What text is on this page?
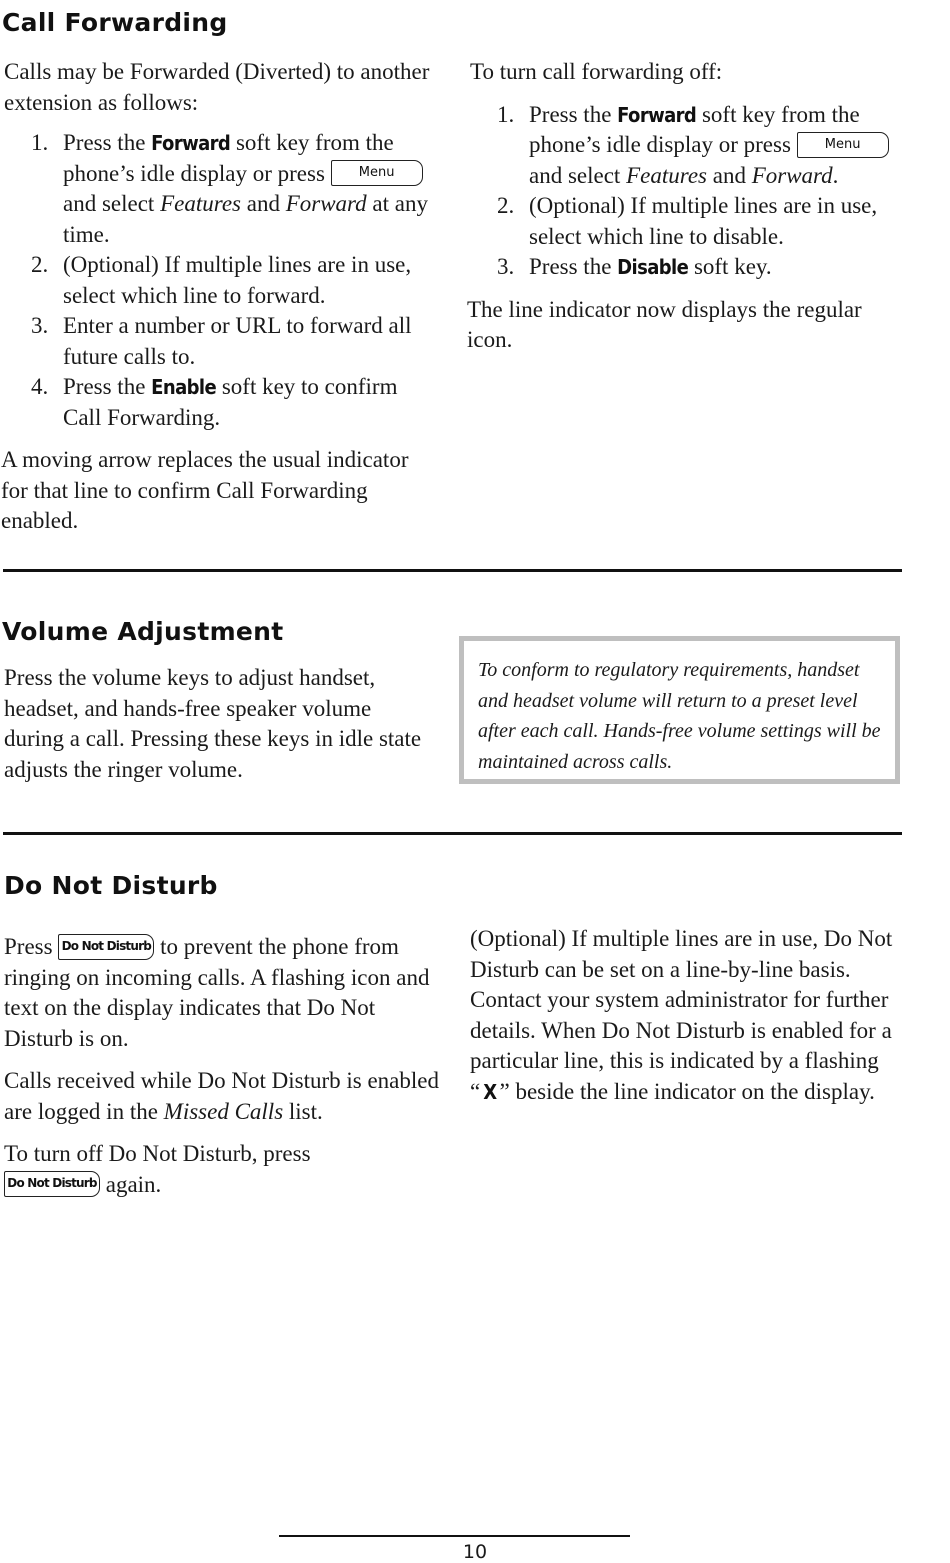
Call Forwarding

Calls may be Forwarded (Diverted) to another extension as follows:

1. Press the Forward soft key from the phone’s idle display or press	Menu and select Features and Forward at any time.
2. (Optional) If multiple lines are in use, select which line to forward.
3. Enter a number or URL to forward all future calls to.
4. Press the Enable soft key to confirm Call Forwarding.

A moving arrow replaces the usual indicator for that line to confirm Call Forwarding enabled.

To turn call forwarding off:

1. Press the Forward soft key from the phone’s idle display or press	Menu and select Features and Forward.
2. (Optional) If multiple lines are in use, select which line to disable.
3. Press the Disable soft key.

The line indicator now displays the regular icon.

Volume Adjustment

Press the volume keys to adjust handset, headset, and hands-free speaker volume during a call. Pressing these keys in idle state adjusts the ringer volume.

To conform to regulatory requirements, handset and headset volume will return to a preset level after each call. Hands-free volume settings will be maintained across calls.
Do Not Disturb

Press Do Not Disturb to prevent the phone from ringing on incoming calls. A flashing icon and text on the display indicates that Do Not Disturb is on.

Calls received while Do Not Disturb is enabled are logged in the Missed Calls list.

To turn off Do Not Disturb, press
Do Not Disturb again.

(Optional) If multiple lines are in use, Do Not Disturb can be set on a line-by-line basis. Contact your system administrator for further details. When Do Not Disturb is enabled for a particular line, this is indicated by a flashing “ X ” beside the line indicator on the display.

10
